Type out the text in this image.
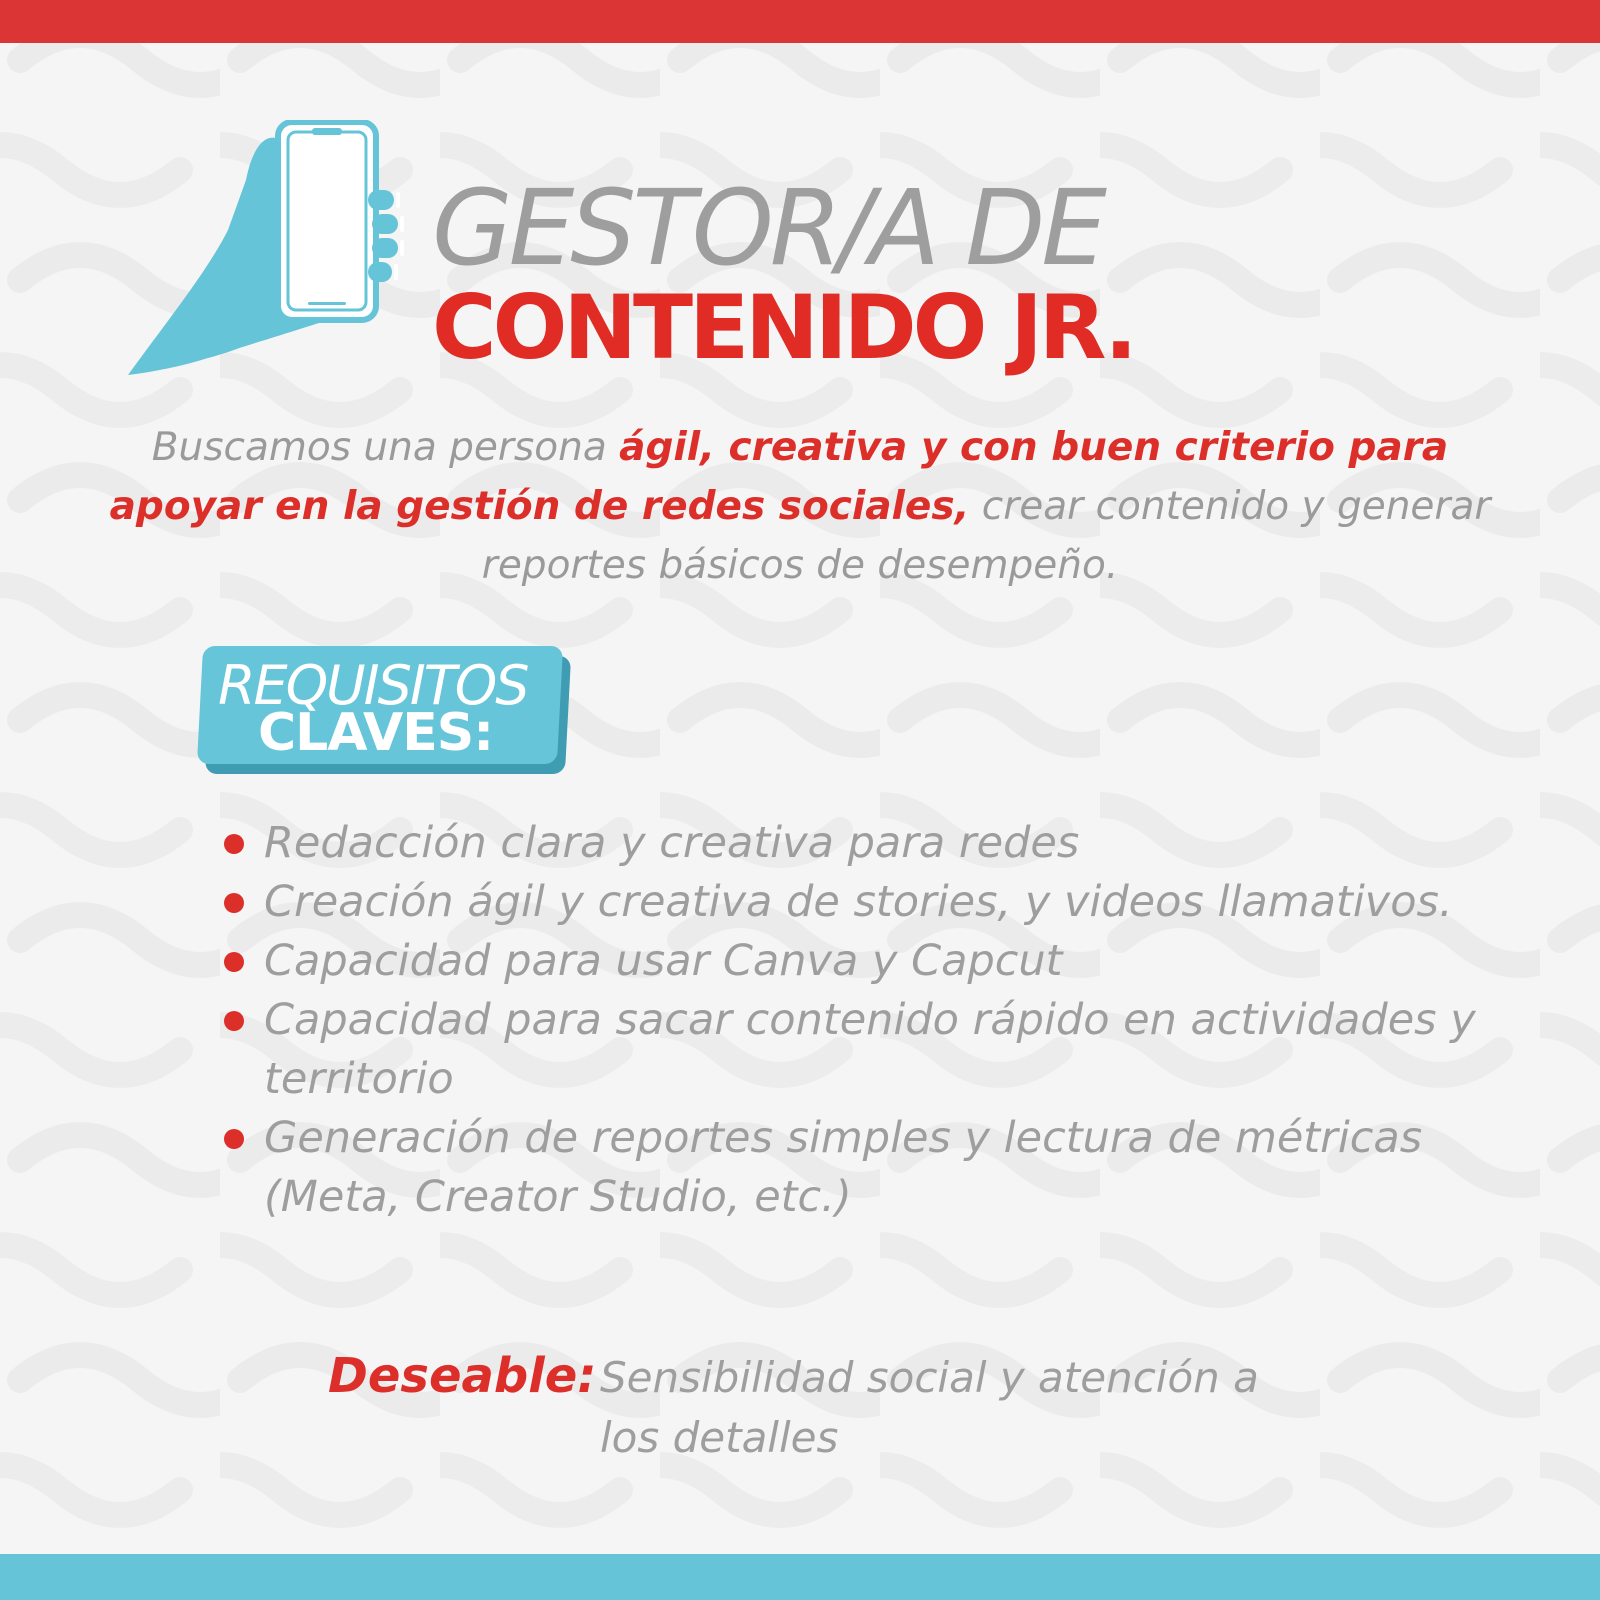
GESTOR/A DE
CONTENIDO JR.
Buscamos una persona ágil, creativa y con buen criterio para apoyar en la gestión de redes sociales, crear contenido y generar reportes básicos de desempeño.
REQUISITOS
CLAVES:
Redacción clara y creativa para redes
Creación ágil y creativa de stories, y videos llamativos.
Capacidad para usar Canva y Capcut
Capacidad para sacar contenido rápido en actividades y territorio
Generación de reportes simples y lectura de métricas (Meta, Creator Studio, etc.)
Deseable: Sensibilidad social y atención a los detalles
